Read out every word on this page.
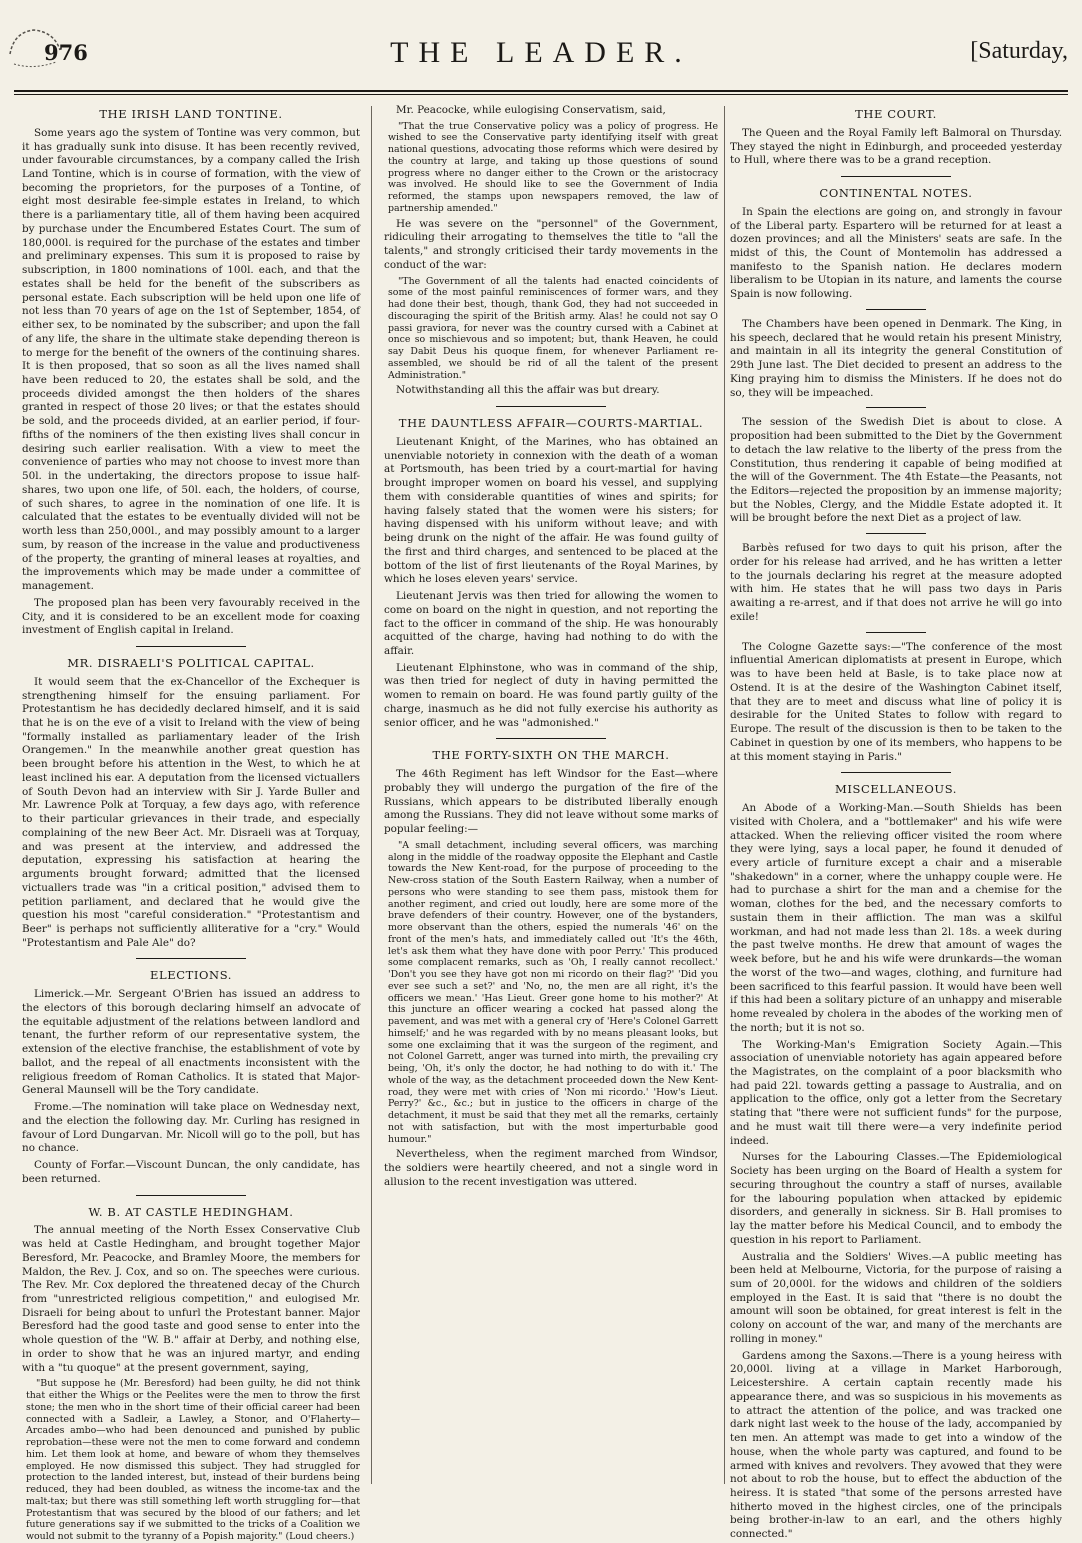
976	THE LEADER.	[Saturday,
THE IRISH LAND TONTINE.

Some years ago the system of Tontine was very common, but it has gradually sunk into disuse. It has been recently revived, under favourable circumstances, by a company called the Irish Land Tontine, which is in course of formation, with the view of becoming the proprietors, for the purposes of a Tontine, of eight most desirable fee-simple estates in Ireland, to which there is a parliamentary title, all of them having been acquired by purchase under the Encumbered Estates Court. The sum of 180,000l. is required for the purchase of the estates and timber and preliminary expenses. This sum it is proposed to raise by subscription, in 1800 nominations of 100l. each, and that the estates shall be held for the benefit of the subscribers as personal estate. Each subscription will be held upon one life of not less than 70 years of age on the 1st of September, 1854, of either sex, to be nominated by the subscriber; and upon the fall of any life, the share in the ultimate stake depending thereon is to merge for the benefit of the owners of the continuing shares. It is then proposed, that so soon as all the lives named shall have been reduced to 20, the estates shall be sold, and the proceeds divided amongst the then holders of the shares granted in respect of those 20 lives; or that the estates should be sold, and the proceeds divided, at an earlier period, if four-fifths of the nominers of the then existing lives shall concur in desiring such earlier realisation. With a view to meet the convenience of parties who may not choose to invest more than 50l. in the undertaking, the directors propose to issue half-shares, two upon one life, of 50l. each, the holders, of course, of such shares, to agree in the nomination of one life. It is calculated that the estates to be eventually divided will not be worth less than 250,000l., and may possibly amount to a larger sum, by reason of the increase in the value and productiveness of the property, the granting of mineral leases at royalties, and the improvements which may be made under a committee of management.

The proposed plan has been very favourably received in the City, and it is considered to be an excellent mode for coaxing investment of English capital in Ireland.

MR. DISRAELI'S POLITICAL CAPITAL.

It would seem that the ex-Chancellor of the Exchequer is strengthening himself for the ensuing parliament. For Protestantism he has decidedly declared himself, and it is said that he is on the eve of a visit to Ireland with the view of being "formally installed as parliamentary leader of the Irish Orangemen." In the meanwhile another great question has been brought before his attention in the West, to which he at least inclined his ear. A deputation from the licensed victuallers of South Devon had an interview with Sir J. Yarde Buller and Mr. Lawrence Polk at Torquay, a few days ago, with reference to their particular grievances in their trade, and especially complaining of the new Beer Act. Mr. Disraeli was at Torquay, and was present at the interview, and addressed the deputation, expressing his satisfaction at hearing the arguments brought forward; admitted that the licensed victuallers trade was "in a critical position," advised them to petition parliament, and declared that he would give the question his most "careful consideration." "Protestantism and Beer" is perhaps not sufficiently alliterative for a "cry." Would "Protestantism and Pale Ale" do?

ELECTIONS.

Limerick.—Mr. Sergeant O'Brien has issued an address to the electors of this borough declaring himself an advocate of the equitable adjustment of the relations between landlord and tenant, the further reform of our representative system, the extension of the elective franchise, the establishment of vote by ballot, and the repeal of all enactments inconsistent with the religious freedom of Roman Catholics. It is stated that Major-General Maunsell will be the Tory candidate.

Frome.—The nomination will take place on Wednesday next, and the election the following day. Mr. Curling has resigned in favour of Lord Dungarvan. Mr. Nicoll will go to the poll, but has no chance.

County of Forfar.—Viscount Duncan, the only candidate, has been returned.

W. B. AT CASTLE HEDINGHAM.

The annual meeting of the North Essex Conservative Club was held at Castle Hedingham, and brought together Major Beresford, Mr. Peacocke, and Bramley Moore, the members for Maldon, the Rev. J. Cox, and so on. The speeches were curious. The Rev. Mr. Cox deplored the threatened decay of the Church from "unrestricted religious competition," and eulogised Mr. Disraeli for being about to unfurl the Protestant banner. Major Beresford had the good taste and good sense to enter into the whole question of the "W. B." affair at Derby, and nothing else, in order to show that he was an injured martyr, and ending with a "tu quoque" at the present government, saying,

"But suppose he (Mr. Beresford) had been guilty, he did not think that either the Whigs or the Peelites were the men to throw the first stone; the men who in the short time of their official career had been connected with a Sadleir, a Lawley, a Stonor, and O'Flaherty—Arcades ambo—who had been denounced and punished by public reprobation—these were not the men to come forward and condemn him. Let them look at home, and beware of whom they themselves employed. He now dismissed this subject. They had struggled for protection to the landed interest, but, instead of their burdens being reduced, they had been doubled, as witness the income-tax and the malt-tax; but there was still something left worth struggling for—that Protestantism that was secured by the blood of our fathers; and let future generations say if we submitted to the tricks of a Coalition we would not submit to the tyranny of a Popish majority." (Loud cheers.)

Mr. Peacocke, while eulogising Conservatism, said,

"That the true Conservative policy was a policy of progress. He wished to see the Conservative party identifying itself with great national questions, advocating those reforms which were desired by the country at large, and taking up those questions of sound progress where no danger either to the Crown or the aristocracy was involved. He should like to see the Government of India reformed, the stamps upon newspapers removed, the law of partnership amended."

He was severe on the "personnel" of the Government, ridiculing their arrogating to themselves the title to "all the talents," and strongly criticised their tardy movements in the conduct of the war:

"The Government of all the talents had enacted coincidents of some of the most painful reminiscences of former wars, and they had done their best, though, thank God, they had not succeeded in discouraging the spirit of the British army. Alas! he could not say O passi graviora, for never was the country cursed with a Cabinet at once so mischievous and so impotent; but, thank Heaven, he could say Dabit Deus his quoque finem, for whenever Parliament re-assembled, we should be rid of all the talent of the present Administration."

Notwithstanding all this the affair was but dreary.

THE DAUNTLESS AFFAIR—COURTS-MARTIAL.

Lieutenant Knight, of the Marines, who has obtained an unenviable notoriety in connexion with the death of a woman at Portsmouth, has been tried by a court-martial for having brought improper women on board his vessel, and supplying them with considerable quantities of wines and spirits; for having falsely stated that the women were his sisters; for having dispensed with his uniform without leave; and with being drunk on the night of the affair. He was found guilty of the first and third charges, and sentenced to be placed at the bottom of the list of first lieutenants of the Royal Marines, by which he loses eleven years' service.

Lieutenant Jervis was then tried for allowing the women to come on board on the night in question, and not reporting the fact to the officer in command of the ship. He was honourably acquitted of the charge, having had nothing to do with the affair.

Lieutenant Elphinstone, who was in command of the ship, was then tried for neglect of duty in having permitted the women to remain on board. He was found partly guilty of the charge, inasmuch as he did not fully exercise his authority as senior officer, and he was "admonished."

THE FORTY-SIXTH ON THE MARCH.

The 46th Regiment has left Windsor for the East—where probably they will undergo the purgation of the fire of the Russians, which appears to be distributed liberally enough among the Russians. They did not leave without some marks of popular feeling:—

"A small detachment, including several officers, was marching along in the middle of the roadway opposite the Elephant and Castle towards the New Kent-road, for the purpose of proceeding to the New-cross station of the South Eastern Railway, when a number of persons who were standing to see them pass, mistook them for another regiment, and cried out loudly, here are some more of the brave defenders of their country. However, one of the bystanders, more observant than the others, espied the numerals '46' on the front of the men's hats, and immediately called out 'It's the 46th, let's ask them what they have done with poor Perry.' This produced some complacent remarks, such as 'Oh, I really cannot recollect.' 'Don't you see they have got non mi ricordo on their flag?' 'Did you ever see such a set?' and 'No, no, the men are all right, it's the officers we mean.' 'Has Lieut. Greer gone home to his mother?' At this juncture an officer wearing a cocked hat passed along the pavement, and was met with a general cry of 'Here's Colonel Garrett himself;' and he was regarded with by no means pleasant looks, but some one exclaiming that it was the surgeon of the regiment, and not Colonel Garrett, anger was turned into mirth, the prevailing cry being, 'Oh, it's only the doctor, he had nothing to do with it.' The whole of the way, as the detachment proceeded down the New Kent-road, they were met with cries of 'Non mi ricordo.' 'How's Lieut. Perry?' &c., &c.; but in justice to the officers in charge of the detachment, it must be said that they met all the remarks, certainly not with satisfaction, but with the most imperturbable good humour."

Nevertheless, when the regiment marched from Windsor, the soldiers were heartily cheered, and not a single word in allusion to the recent investigation was uttered.

THE COURT.

The Queen and the Royal Family left Balmoral on Thursday. They stayed the night in Edinburgh, and proceeded yesterday to Hull, where there was to be a grand reception.

CONTINENTAL NOTES.

In Spain the elections are going on, and strongly in favour of the Liberal party. Espartero will be returned for at least a dozen provinces; and all the Ministers' seats are safe. In the midst of this, the Count of Montemolin has addressed a manifesto to the Spanish nation. He declares modern liberalism to be Utopian in its nature, and laments the course Spain is now following.

The Chambers have been opened in Denmark. The King, in his speech, declared that he would retain his present Ministry, and maintain in all its integrity the general Constitution of 29th June last. The Diet decided to present an address to the King praying him to dismiss the Ministers. If he does not do so, they will be impeached.

The session of the Swedish Diet is about to close. A proposition had been submitted to the Diet by the Government to detach the law relative to the liberty of the press from the Constitution, thus rendering it capable of being modified at the will of the Government. The 4th Estate—the Peasants, not the Editors—rejected the proposition by an immense majority; but the Nobles, Clergy, and the Middle Estate adopted it. It will be brought before the next Diet as a project of law.

Barbès refused for two days to quit his prison, after the order for his release had arrived, and he has written a letter to the journals declaring his regret at the measure adopted with him. He states that he will pass two days in Paris awaiting a re-arrest, and if that does not arrive he will go into exile!

The Cologne Gazette says:—"The conference of the most influential American diplomatists at present in Europe, which was to have been held at Basle, is to take place now at Ostend. It is at the desire of the Washington Cabinet itself, that they are to meet and discuss what line of policy it is desirable for the United States to follow with regard to Europe. The result of the discussion is then to be taken to the Cabinet in question by one of its members, who happens to be at this moment staying in Paris."

MISCELLANEOUS.

An Abode of a Working-Man.—South Shields has been visited with Cholera, and a "bottlemaker" and his wife were attacked. When the relieving officer visited the room where they were lying, says a local paper, he found it denuded of every article of furniture except a chair and a miserable "shakedown" in a corner, where the unhappy couple were. He had to purchase a shirt for the man and a chemise for the woman, clothes for the bed, and the necessary comforts to sustain them in their affliction. The man was a skilful workman, and had not made less than 2l. 18s. a week during the past twelve months. He drew that amount of wages the week before, but he and his wife were drunkards—the woman the worst of the two—and wages, clothing, and furniture had been sacrificed to this fearful passion. It would have been well if this had been a solitary picture of an unhappy and miserable home revealed by cholera in the abodes of the working men of the north; but it is not so.

The Working-Man's Emigration Society Again.—This association of unenviable notoriety has again appeared before the Magistrates, on the complaint of a poor blacksmith who had paid 22l. towards getting a passage to Australia, and on application to the office, only got a letter from the Secretary stating that "there were not sufficient funds" for the purpose, and he must wait till there were—a very indefinite period indeed.

Nurses for the Labouring Classes.—The Epidemiological Society has been urging on the Board of Health a system for securing throughout the country a staff of nurses, available for the labouring population when attacked by epidemic disorders, and generally in sickness. Sir B. Hall promises to lay the matter before his Medical Council, and to embody the question in his report to Parliament.

Australia and the Soldiers' Wives.—A public meeting has been held at Melbourne, Victoria, for the purpose of raising a sum of 20,000l. for the widows and children of the soldiers employed in the East. It is said that "there is no doubt the amount will soon be obtained, for great interest is felt in the colony on account of the war, and many of the merchants are rolling in money."

Gardens among the Saxons.—There is a young heiress with 20,000l. living at a village in Market Harborough, Leicestershire. A certain captain recently made his appearance there, and was so suspicious in his movements as to attract the attention of the police, and was tracked one dark night last week to the house of the lady, accompanied by ten men. An attempt was made to get into a window of the house, when the whole party was captured, and found to be armed with knives and revolvers. They avowed that they were not about to rob the house, but to effect the abduction of the heiress. It is stated "that some of the persons arrested have hitherto moved in the highest circles, one of the principals being brother-in-law to an earl, and the others highly connected."
